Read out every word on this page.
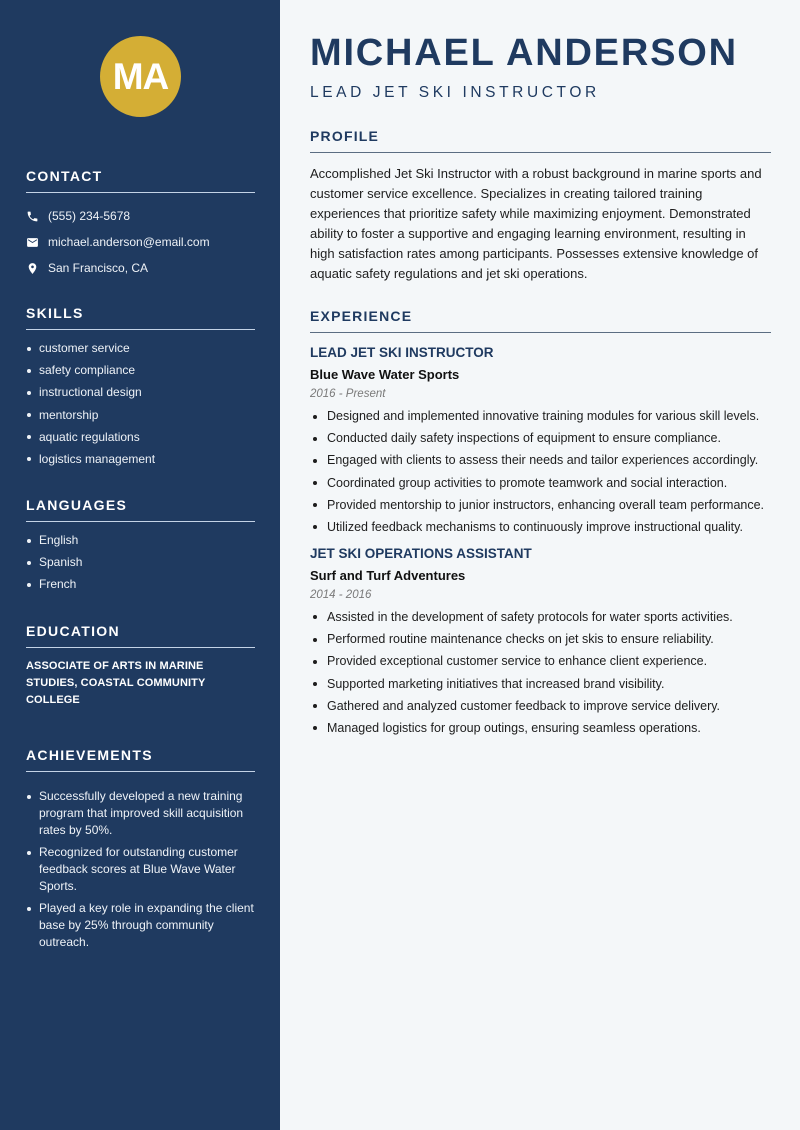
MA
CONTACT
(555) 234-5678
michael.anderson@email.com
San Francisco, CA
SKILLS
customer service
safety compliance
instructional design
mentorship
aquatic regulations
logistics management
LANGUAGES
English
Spanish
French
EDUCATION

ASSOCIATE OF ARTS IN MARINE STUDIES, COASTAL COMMUNITY COLLEGE

ACHIEVEMENTS
Successfully developed a new training program that improved skill acquisition rates by 50%.
Recognized for outstanding customer feedback scores at Blue Wave Water Sports.
Played a key role in expanding the client base by 25% through community outreach.
MICHAEL ANDERSON
LEAD JET SKI INSTRUCTOR
PROFILE

Accomplished Jet Ski Instructor with a robust background in marine sports and customer service excellence. Specializes in creating tailored training experiences that prioritize safety while maximizing enjoyment. Demonstrated ability to foster a supportive and engaging learning environment, resulting in high satisfaction rates among participants. Possesses extensive knowledge of aquatic safety regulations and jet ski operations.

EXPERIENCE
LEAD JET SKI INSTRUCTOR
Blue Wave Water Sports
2016 - Present
Designed and implemented innovative training modules for various skill levels.
Conducted daily safety inspections of equipment to ensure compliance.
Engaged with clients to assess their needs and tailor experiences accordingly.
Coordinated group activities to promote teamwork and social interaction.
Provided mentorship to junior instructors, enhancing overall team performance.
Utilized feedback mechanisms to continuously improve instructional quality.
JET SKI OPERATIONS ASSISTANT
Surf and Turf Adventures
2014 - 2016
Assisted in the development of safety protocols for water sports activities.
Performed routine maintenance checks on jet skis to ensure reliability.
Provided exceptional customer service to enhance client experience.
Supported marketing initiatives that increased brand visibility.
Gathered and analyzed customer feedback to improve service delivery.
Managed logistics for group outings, ensuring seamless operations.
